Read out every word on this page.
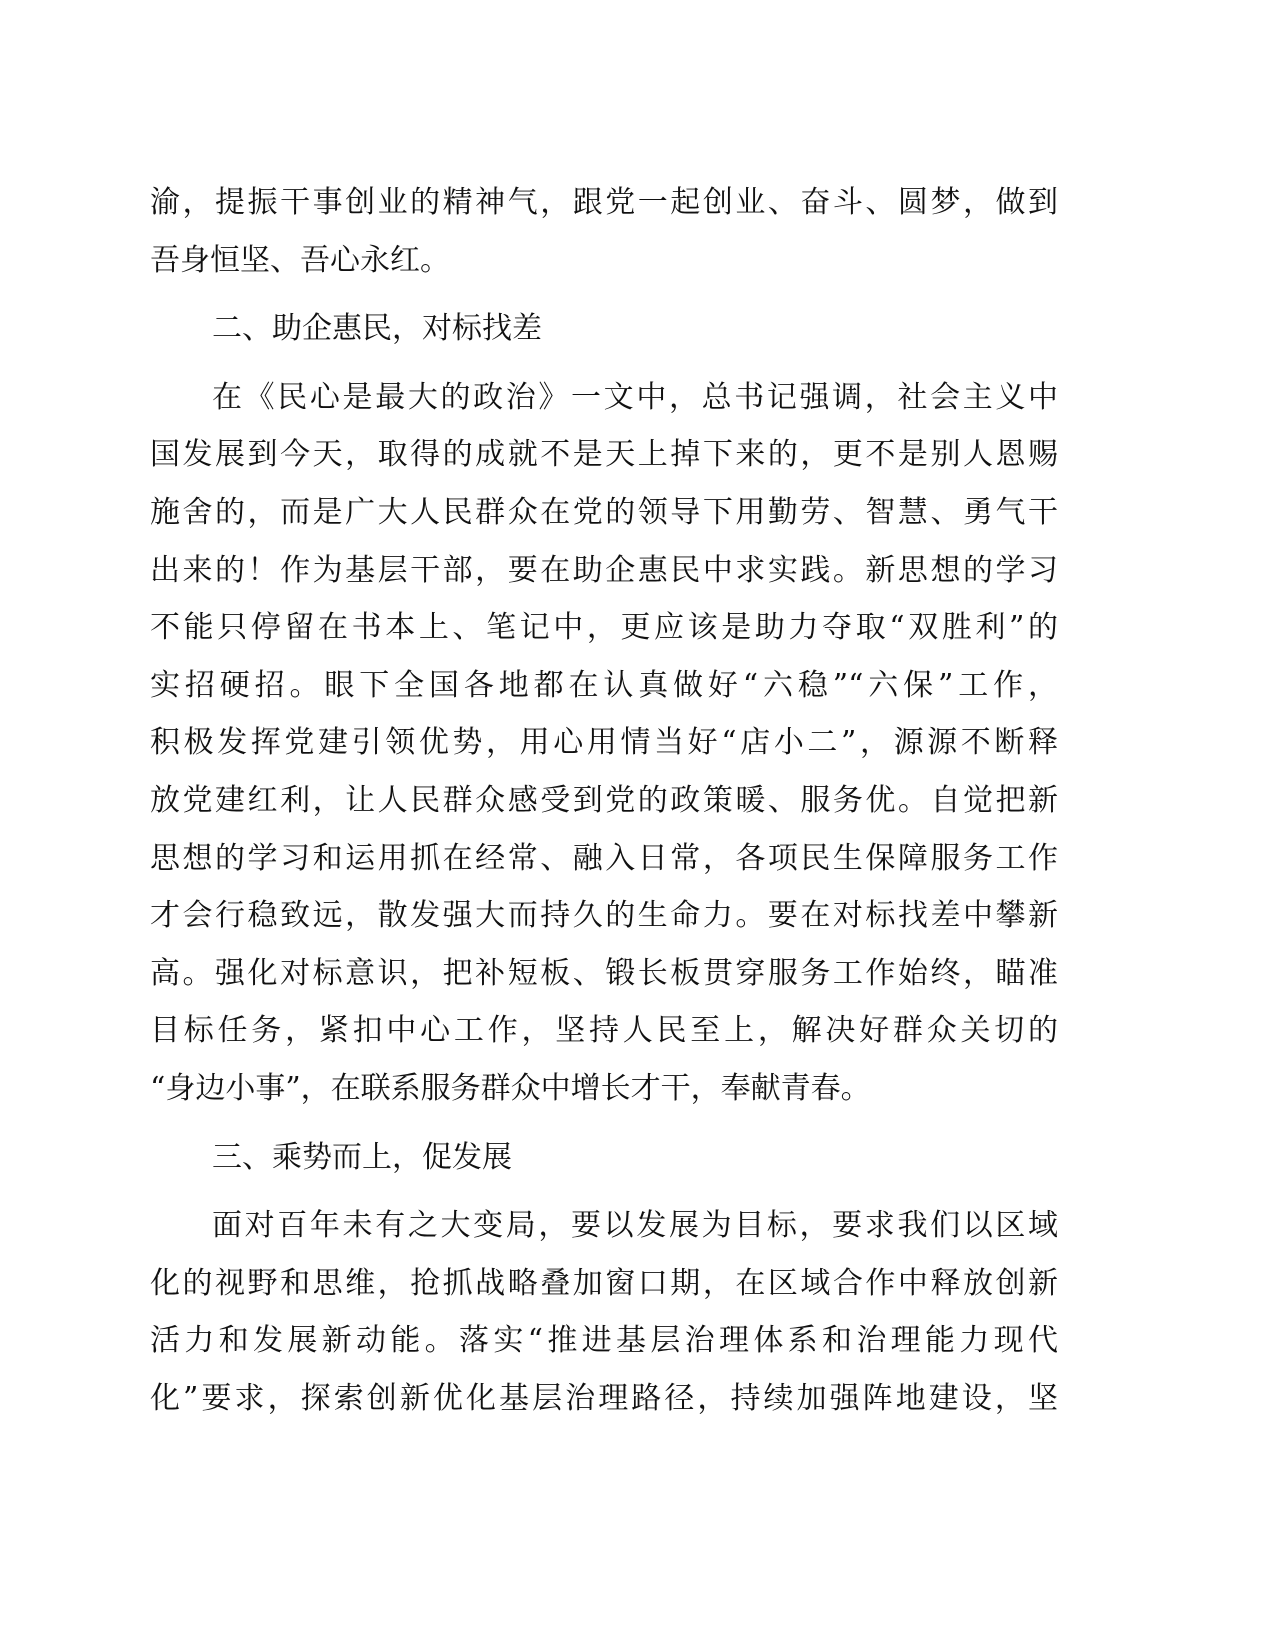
渝，提振干事创业的精神气，跟党一起创业、奋斗、圆梦，做到
吾身恒坚、吾心永红。
二、助企惠民，对标找差
在《民心是最大的政治》一文中，总书记强调，社会主义中
国发展到今天，取得的成就不是天上掉下来的，更不是别人恩赐
施舍的，而是广大人民群众在党的领导下用勤劳、智慧、勇气干
出来的！作为基层干部，要在助企惠民中求实践。新思想的学习
不能只停留在书本上、笔记中，更应该是助力夺取“双胜利”的
实招硬招。眼下全国各地都在认真做好“六稳”“六保”工作，
积极发挥党建引领优势，用心用情当好“店小二”，源源不断释
放党建红利，让人民群众感受到党的政策暖、服务优。自觉把新
思想的学习和运用抓在经常、融入日常，各项民生保障服务工作
才会行稳致远，散发强大而持久的生命力。要在对标找差中攀新
高。强化对标意识，把补短板、锻长板贯穿服务工作始终，瞄准
目标任务，紧扣中心工作，坚持人民至上，解决好群众关切的
“身边小事”，在联系服务群众中增长才干，奉献青春。
三、乘势而上，促发展
面对百年未有之大变局，要以发展为目标，要求我们以区域
化的视野和思维，抢抓战略叠加窗口期，在区域合作中释放创新
活力和发展新动能。落实“推进基层治理体系和治理能力现代
化”要求，探索创新优化基层治理路径，持续加强阵地建设，坚
